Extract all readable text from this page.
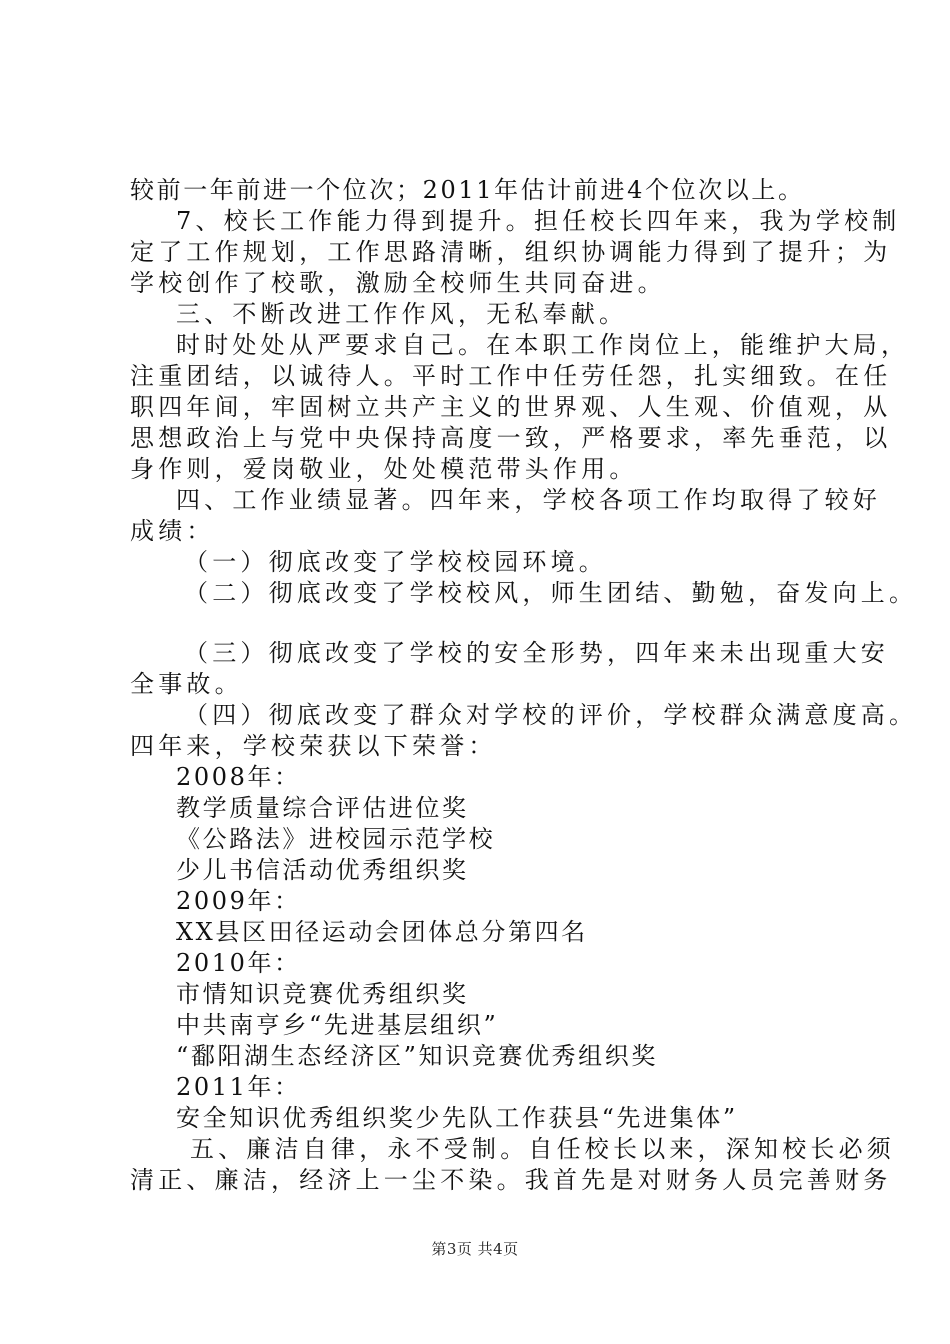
较前一年前进一个位次；2011年估计前进4个位次以上。
7、校长工作能力得到提升。担任校长四年来，我为学校制
定了工作规划，工作思路清晰，组织协调能力得到了提升；为
学校创作了校歌，激励全校师生共同奋进。
三、不断改进工作作风，无私奉献。
时时处处从严要求自己。在本职工作岗位上，能维护大局，
注重团结，以诚待人。平时工作中任劳任怨，扎实细致。在任
职四年间，牢固树立共产主义的世界观、人生观、价值观，从
思想政治上与党中央保持高度一致，严格要求，率先垂范，以
身作则，爱岗敬业，处处模范带头作用。
四、工作业绩显著。四年来，学校各项工作均取得了较好
成绩：
（一）彻底改变了学校校园环境。
（二）彻底改变了学校校风，师生团结、勤勉，奋发向上。
（三）彻底改变了学校的安全形势，四年来未出现重大安
全事故。
（四）彻底改变了群众对学校的评价，学校群众满意度高。
四年来，学校荣获以下荣誉：
2008年：
教学质量综合评估进位奖
《公路法》进校园示范学校
少儿书信活动优秀组织奖
2009年：
XX县区田径运动会团体总分第四名
2010年：
市情知识竞赛优秀组织奖
中共南亨乡“先进基层组织”
“鄱阳湖生态经济区”知识竞赛优秀组织奖
2011年：
安全知识优秀组织奖少先队工作获县“先进集体”
五、廉洁自律，永不受制。自任校长以来，深知校长必须
清正、廉洁，经济上一尘不染。我首先是对财务人员完善财务
第3页 共4页
